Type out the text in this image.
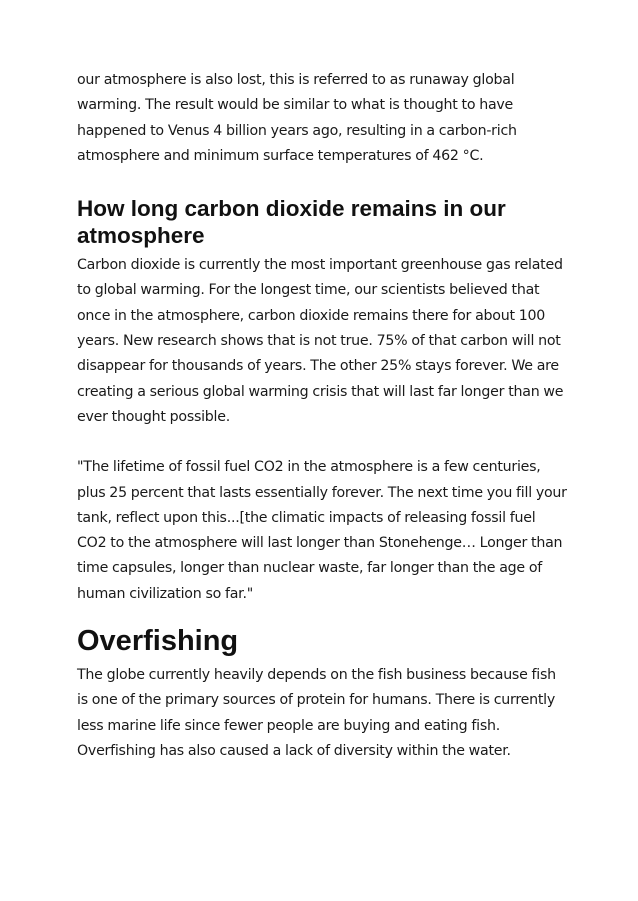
our atmosphere is also lost, this is referred to as runaway global warming. The result would be similar to what is thought to have happened to Venus 4 billion years ago, resulting in a carbon-rich atmosphere and minimum surface temperatures of 462 °C.

How long carbon dioxide remains in our atmosphere

Carbon dioxide is currently the most important greenhouse gas related to global warming. For the longest time, our scientists believed that once in the atmosphere, carbon dioxide remains there for about 100 years. New research shows that is not true. 75% of that carbon will not disappear for thousands of years. The other 25% stays forever. We are creating a serious global warming crisis that will last far longer than we ever thought possible.

"The lifetime of fossil fuel CO2 in the atmosphere is a few centuries, plus 25 percent that lasts essentially forever. The next time you fill your tank, reflect upon this...[the climatic impacts of releasing fossil fuel CO2 to the atmosphere will last longer than Stonehenge… Longer than time capsules, longer than nuclear waste, far longer than the age of human civilization so far."

Overfishing

The globe currently heavily depends on the fish business because fish is one of the primary sources of protein for humans. There is currently less marine life since fewer people are buying and eating fish. Overfishing has also caused a lack of diversity within the water.
